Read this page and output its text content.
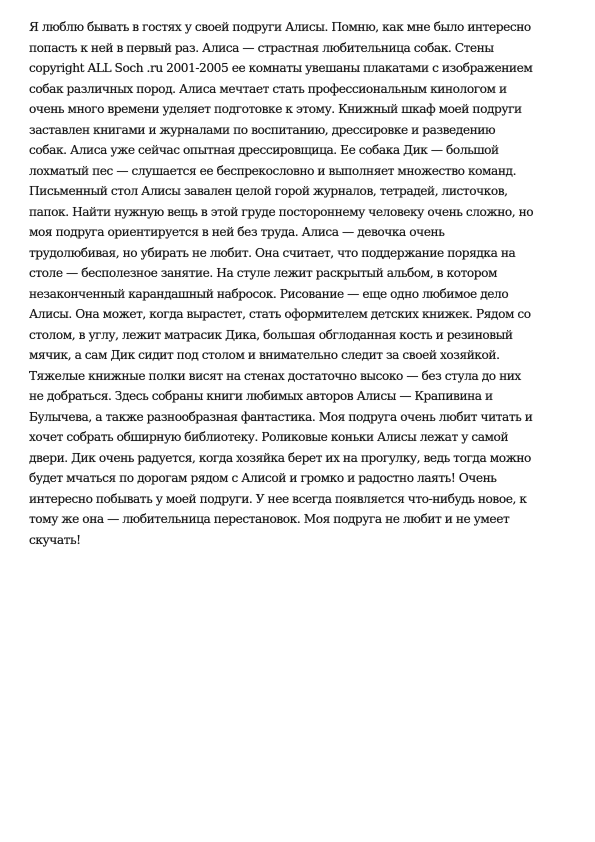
Я люблю бывать в гостях у своей подруги Алисы. Помню, как мне было интересно
попасть к ней в первый раз. Алиса — страстная любительница собак. Стены
copyright ALL Soch .ru 2001-2005 ее комнаты увешаны плакатами с изображением
собак различных пород. Алиса мечтает стать профессиональным кинологом и
очень много времени уделяет подготовке к этому. Книжный шкаф моей подруги
заставлен книгами и журналами по воспитанию, дрессировке и разведению
собак. Алиса уже сейчас опытная дрессировщица. Ее собака Дик — большой
лохматый пес — слушается ее беспрекословно и выполняет множество команд.
Письменный стол Алисы завален целой горой журналов, тетрадей, листочков,
папок. Найти нужную вещь в этой груде постороннему человеку очень сложно, но
моя подруга ориентируется в ней без труда. Алиса — девочка очень
трудолюбивая, но убирать не любит. Она считает, что поддержание порядка на
столе — бесполезное занятие. На стуле лежит раскрытый альбом, в котором
незаконченный карандашный набросок. Рисование — еще одно любимое дело
Алисы. Она может, когда вырастет, стать оформителем детских книжек. Рядом со
столом, в углу, лежит матрасик Дика, большая обглоданная кость и резиновый
мячик, а сам Дик сидит под столом и внимательно следит за своей хозяйкой.
Тяжелые книжные полки висят на стенах достаточно высоко — без стула до них
не добраться. Здесь собраны книги любимых авторов Алисы — Крапивина и
Булычева, а также разнообразная фантастика. Моя подруга очень любит читать и
хочет собрать обширную библиотеку. Роликовые коньки Алисы лежат у самой
двери. Дик очень радуется, когда хозяйка берет их на прогулку, ведь тогда можно
будет мчаться по дорогам рядом с Алисой и громко и радостно лаять! Очень
интересно побывать у моей подруги. У нее всегда появляется что-нибудь новое, к
тому же она — любительница перестановок. Моя подруга не любит и не умеет
скучать!
